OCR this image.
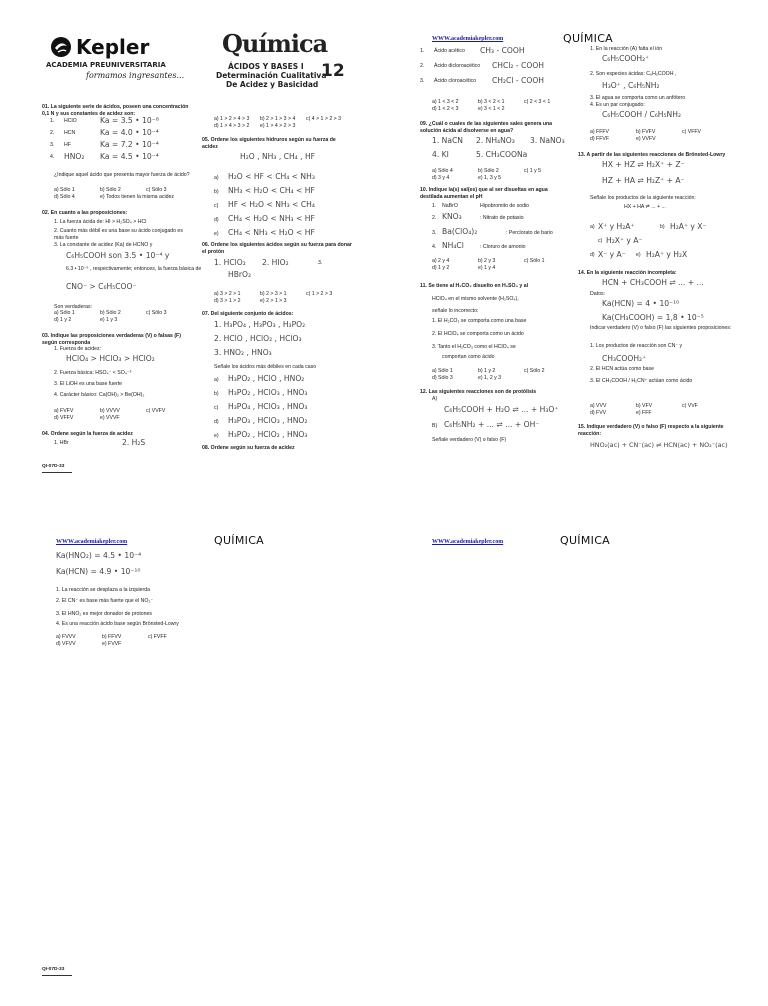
Kepler
ACADEMIA PREUNIVERSITARIA
formamos ingresantes...
Química
ÁCIDOS Y BASES I
Determinación Cualitativa
De Acidez y Basicidad
12
01. La siguiente serie de ácidos, poseen una concentración 0,1 N y sus constantes de acidez son:
1. HClO	Ka = 3.5 • 10⁻⁸
2. HCN	Ka = 4.0 • 10⁻⁴
3. HF	Ka = 7.2 • 10⁻⁴
4. HNO₂ Ka = 4.5 • 10⁻⁴
¿Indique aquel ácido que presenta mayor fuerza de ácido?
a) Sólo 1	b) Sólo 2	c) Sólo 3
d) Sólo 4	e) Todos tienen la misma acidez
02. En cuanto a las proposiciones:
1. La fuerza ácida de: HI > H₂SO₄ > HCl
2. Cuanto más débil es una base su ácido conjugado es más fuerte
3. La constante de acidez (Ka) de HCNO y
C₆H₅COOH son 3.5 • 10⁻⁴ y
6.3 • 10⁻⁵ , respectivamente; entonces, la fuerza básica de
CNO⁻ > C₆H₅COO⁻
Son verdaderas:
a) Sólo 1	b) Sólo 2	c) Sólo 3
d) 1 y 2	e) 1 y 3
03. Indique las proposiciones verdaderas (V) o falsas (F) según corresponda
1. Fuerza de acidez:
HClO₄ > HClO₃ > HClO₂
2. Fuerza básica: HSO₄⁻ < SO₄⁻²
3. El LiOH es una base fuerte
4. Carácter básico: Ca(OH)₂ > Be(OH)₂
a) FVFV	b) VVVV	c) VVFV
d) VFFV	e) VVVF
04. Ordene según la fuerza de acidez
1. HBr	2. H₂S
QI-07D-33
a) 1 > 2 > 4 > 3 b) 2 > 1 > 3 > 4 c) 4 > 1 > 2 > 3
d) 1 > 4 > 3 > 2 e) 1 > 4 > 2 > 3
05. Ordene los siguientes hidruros según su fuerza de acidez
H₂O , NH₃ , CH₄ , HF
a) H₂O < HF < CH₄ < NH₃
b) NH₃ < H₂O < CH₄ < HF
c) HF < H₂O < NH₃ < CH₄
d) CH₄ < H₂O < NH₃ < HF
e) CH₄ < NH₃ < H₂O < HF
06. Ordene los siguientes ácidos según su fuerza para donar el protón
1. HClO₂ 2. HIO₂	3.
HBrO₂
a) 3 > 2 > 1	b) 2 > 3 > 1	c) 1 > 2 > 3
d) 3 > 1 > 2	e) 2 > 1 > 3
07. Del siguiente conjunto de ácidos:
1. H₃PO₄ , H₃PO₃ , H₃PO₂
2. HClO , HClO₂ , HClO₃
3. HNO₂ , HNO₃
Señale los ácidos más débiles en cada caso
a) H₃PO₂ , HClO , HNO₂
b) H₃PO₂ , HClO₃ , HNO₃
c) H₃PO₄ , HClO₃ , HNO₃
d) H₃PO₃ , HClO₃ , HNO₂
e) H₃PO₂ , HClO₂ , HNO₃
08. Ordene según su fuerza de acidez
WWW.academiakepler.com	QUÍMICA
1. Ácido acético CH₃ - COOH
2. Ácido dicloroacético CHCl₂ - COOH
3. Ácido cloroacético CH₂Cl - COOH
a) 1 < 3 < 2	b) 3 < 2 < 1	c) 2 < 3 < 1
d) 1 < 2 < 3	e) 3 < 1 < 2
09. ¿Cuál o cuales de las siguientes sales genera una solución ácida al disolverse en agua?
1. NaCN 2. NH₄NO₃ 3. NaNO₃
4. KI	5. CH₃COONa
a) Sólo 4	b) Sólo 2	c) 1 y 5
d) 3 y 4	e) 1, 3 y 5
10. Indique la(s) sal(es) que al ser disueltas en agua destilada aumentan el pH
1. NaBrO	Hipobromito de sodio
2. KNO₃	: Nitrato de potasio
3. Ba(ClO₄)₂	: Perclorato de bario
4. NH₄Cl	: Cloruro de amonio
a) 2 y 4	b) 2 y 3	c) Sólo 1
d) 1 y 2	e) 1 y 4
11. Se tiene al H₂CO₃ disuelto en H₂SO₄ y al
HClO₄ en el mismo solvente (H₂SO₄),
señale lo incorrecto:
1. El H₂CO₃ se comporta como una base
2. El HClO₄ se comporta como un ácido
3. Tanto el H₂CO₃ como el HClO₄ se
comportan como ácido
a) Sólo 1	b) 1 y 2	c) Sólo 2
d) Sólo 3	e) 1, 2 y 3
12. Las siguientes reacciones son de protólisis
A)
C₆H₅COOH + H₂O ⇌ ... + H₃O⁺
B) C₆H₅NH₂ + ... ⇌ ... + OH⁻
Señale verdadero (V) o falso (F)
1. En la reacción (A) falta el ión
C₆H₅COOH₂⁺
2. Son especies ácidas: C₆H₅COOH ,
H₃O⁺ , C₆H₅NH₂
3. El agua se comporta como un anfótero
4. Es un par conjugado:
C₆H₅COOH / C₆H₅NH₂
a) FFFV	b) FVFV	c) VFFV
d) FFVF	e) VVFV
13. A partir de las siguientes reacciones de Brönsted-Lowry
HX + HZ ⇌ H₂X⁺ + Z⁻
HZ + HA ⇌ H₂Z⁺ + A⁻
Señale los productos de la siguiente reacción:
HX + HA ⇌ ... + ...
a) X⁺ y H₂A⁺	b) H₂A⁺ y X⁻
c) H₂X⁺ y A⁻
d) X⁻ y A⁻ e) H₂A⁺ y H₂X
14. En la siguiente reacción incompleta:
HCN + CH₃COOH ⇌ ... + ...
Datos:
Ka(HCN) = 4 • 10⁻¹⁰
Ka(CH₃COOH) = 1,8 • 10⁻⁵
Indicar verdadero (V) o falso (F) las siguientes proposiciones:
1. Los productos de reacción son CN⁻ y
CH₃COOH₂⁺
2. El HCN actúa como base
3. El CH₃COOH / H₂CN⁺ actúan como ácido
a) VVV	b) VFV	c) VVF
d) FVV	e) FFF
15. Indique verdadero (V) o falso (F) respecto a la siguiente reacción:
HNO₂(ac) + CN⁻(ac) ⇌ HCN(ac) + NO₂⁻(ac)
WWW.academiakepler.com	QUÍMICA	WWW.academiakepler.com	QUÍMICA
Ka(HNO₂) = 4.5 • 10⁻⁴
Ka(HCN) = 4.9 • 10⁻¹⁰
1. La reacción se desplaza a la izquierda
2. El CN⁻ es base más fuerte que el NO₂⁻
3. El HNO₂ es mejor donador de protones
4. Es una reacción ácido base según Brönsted-Lowry
a) FVVV	b) FFVV	c) FVFF
d) VFVV	e) FVVF
QI-07D-33
